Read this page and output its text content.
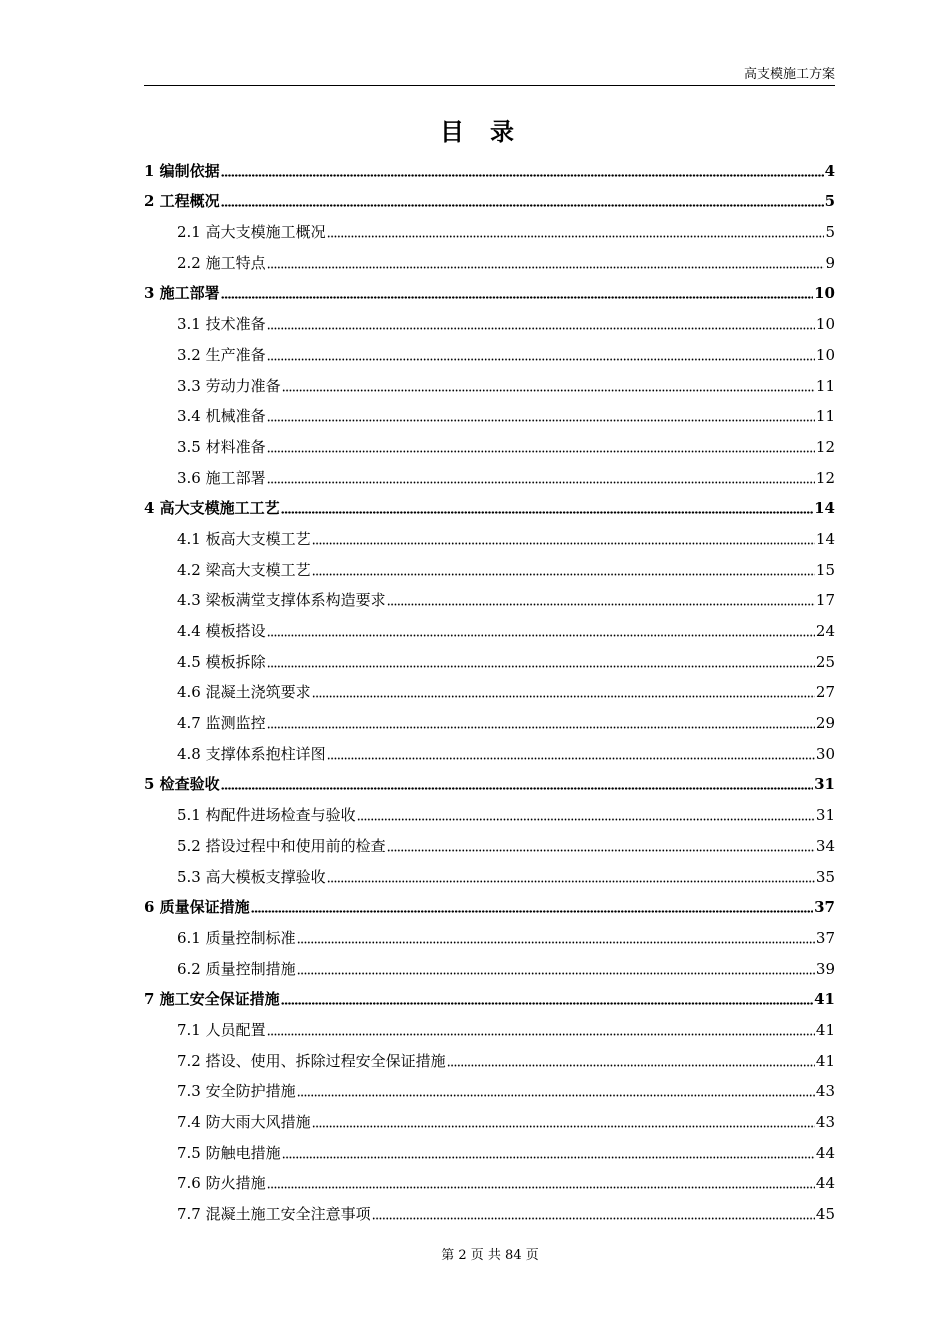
高支模施工方案
目录
1 编制依据	4
2 工程概况	5
2.1 高大支模施工概况	5
2.2 施工特点	9
3 施工部署	10
3.1 技术准备	10
3.2 生产准备	10
3.3 劳动力准备	11
3.4 机械准备	11
3.5 材料准备	12
3.6 施工部署	12
4 高大支模施工工艺	14
4.1 板高大支模工艺	14
4.2 梁高大支模工艺	15
4.3 梁板满堂支撑体系构造要求	17
4.4 模板搭设	24
4.5 模板拆除	25
4.6 混凝土浇筑要求	27
4.7 监测监控	29
4.8 支撑体系抱柱详图	30
5 检查验收	31
5.1 构配件进场检查与验收	31
5.2 搭设过程中和使用前的检查	34
5.3 高大模板支撑验收	35
6 质量保证措施	37
6.1 质量控制标准	37
6.2 质量控制措施	39
7 施工安全保证措施	41
7.1 人员配置	41
7.2 搭设、使用、拆除过程安全保证措施	41
7.3 安全防护措施	43
7.4 防大雨大风措施	43
7.5 防触电措施	44
7.6 防火措施	44
7.7 混凝土施工安全注意事项	45
第 2 页 共 84 页
